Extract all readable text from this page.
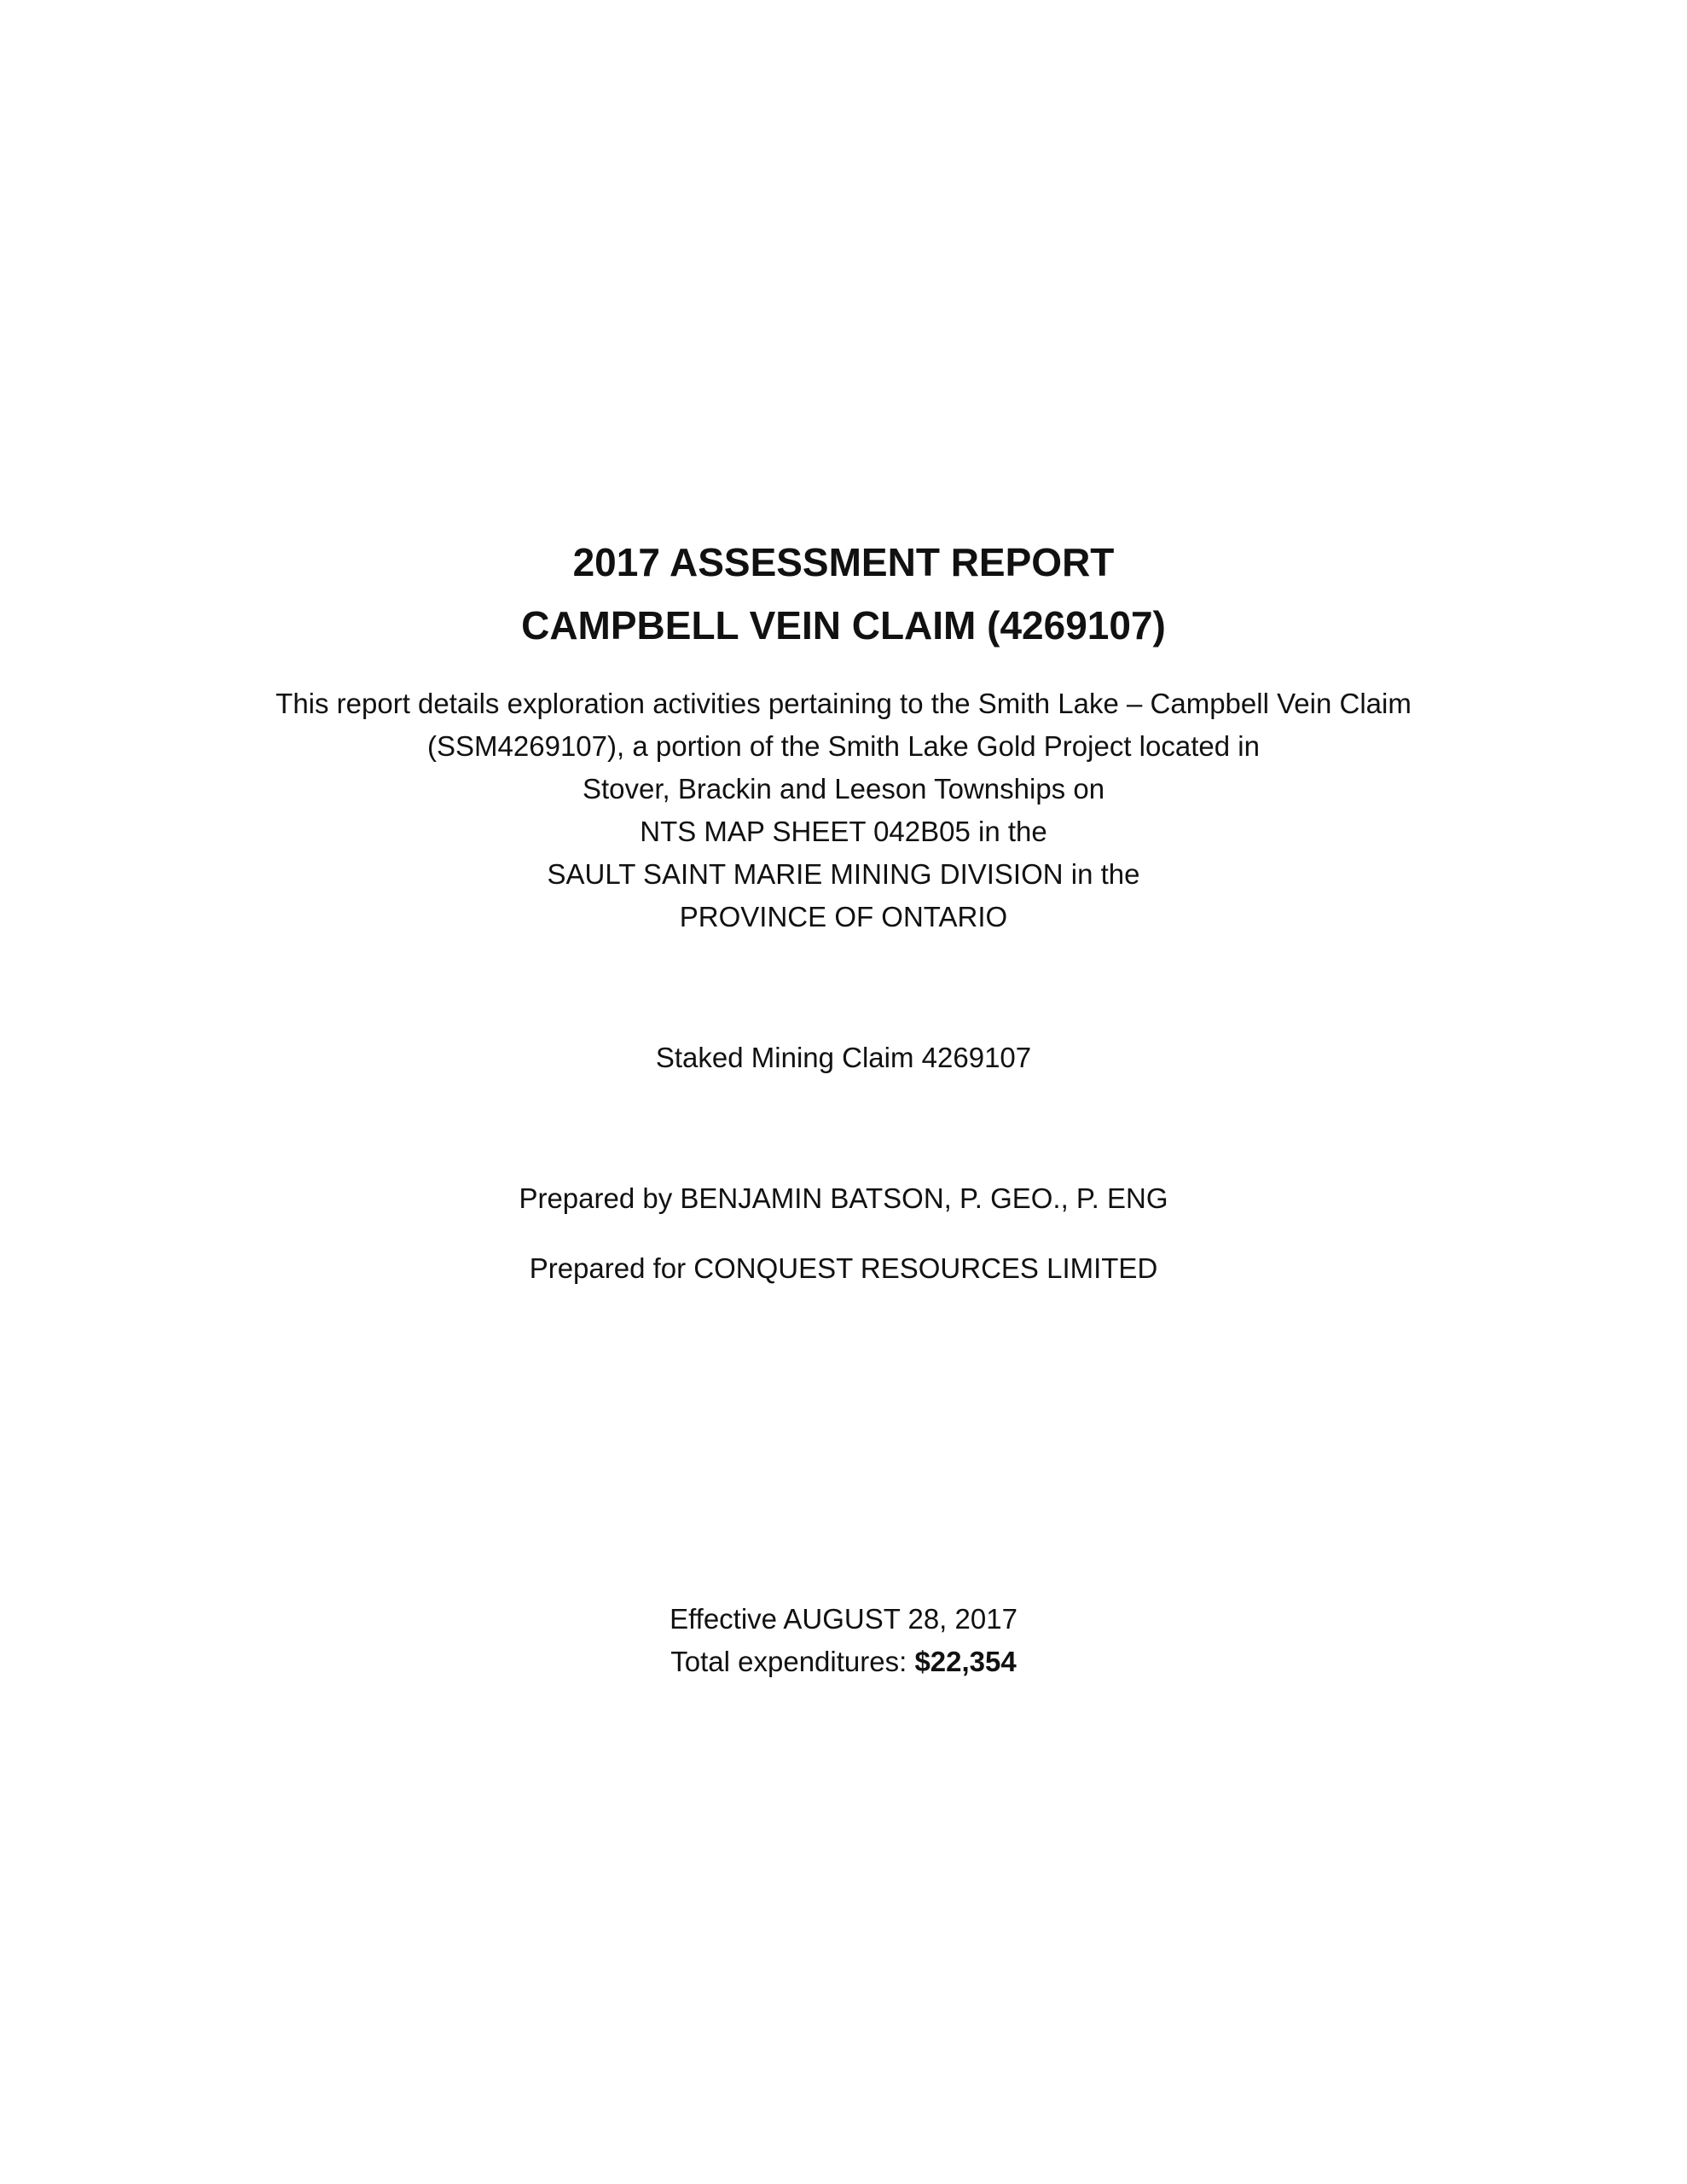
2017 ASSESSMENT REPORT
CAMPBELL VEIN CLAIM (4269107)
This report details exploration activities pertaining to the Smith Lake – Campbell Vein Claim
(SSM4269107), a portion of the Smith Lake Gold Project located in
Stover, Brackin and Leeson Townships on
NTS MAP SHEET 042B05 in the
SAULT SAINT MARIE MINING DIVISION in the
PROVINCE OF ONTARIO
Staked Mining Claim 4269107
Prepared by BENJAMIN BATSON, P. GEO., P. ENG
Prepared for CONQUEST RESOURCES LIMITED
Effective AUGUST 28, 2017
Total expenditures: $22,354
